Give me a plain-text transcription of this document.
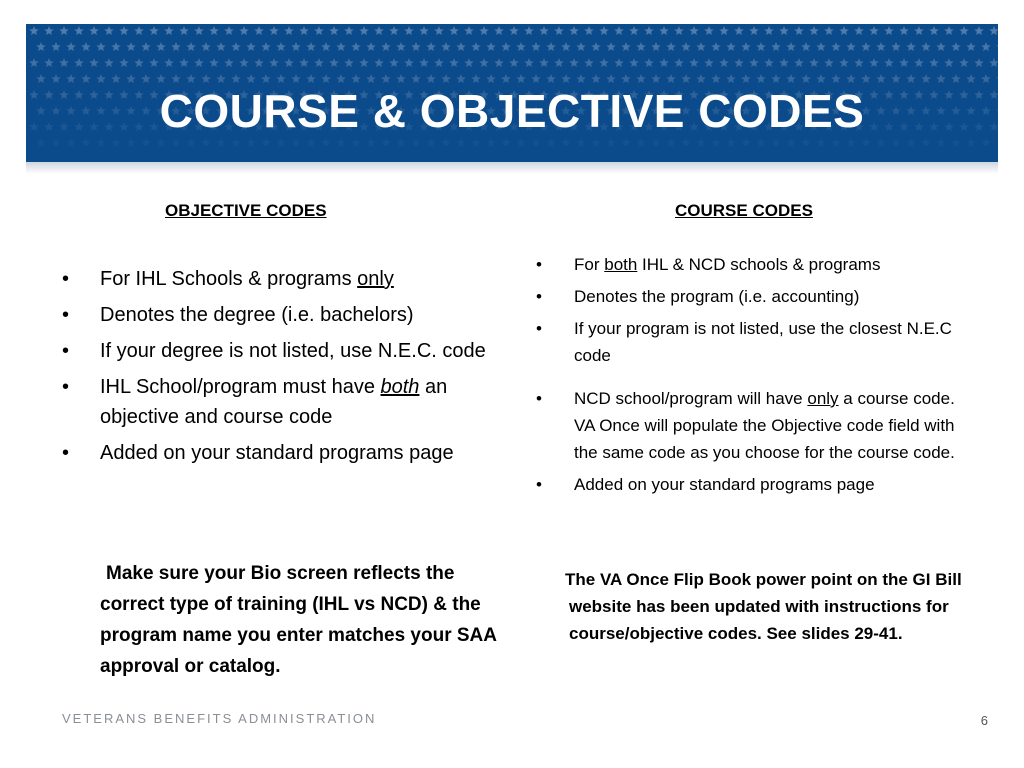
COURSE & OBJECTIVE CODES
OBJECTIVE CODES	COURSE CODES
• For IHL Schools & programs only
• Denotes the degree (i.e. bachelors)
• If your degree is not listed, use N.E.C. code
• IHL School/program must have both an objective and course code
• Added on your standard programs page
• For both IHL & NCD schools & programs
• Denotes the program (i.e. accounting)
• If your program is not listed, use the closest N.E.C code
• NCD school/program will have only a course code. VA Once will populate the Objective code field with the same code as you choose for the course code.
• Added on your standard programs page
Make sure your Bio screen reflects the correct type of training (IHL vs NCD) & the program name you enter matches your SAA approval or catalog.
The VA Once Flip Book power point on the GI Bill website has been updated with instructions for course/objective codes. See slides 29-41.
VETERANS BENEFITS ADMINISTRATION	6
